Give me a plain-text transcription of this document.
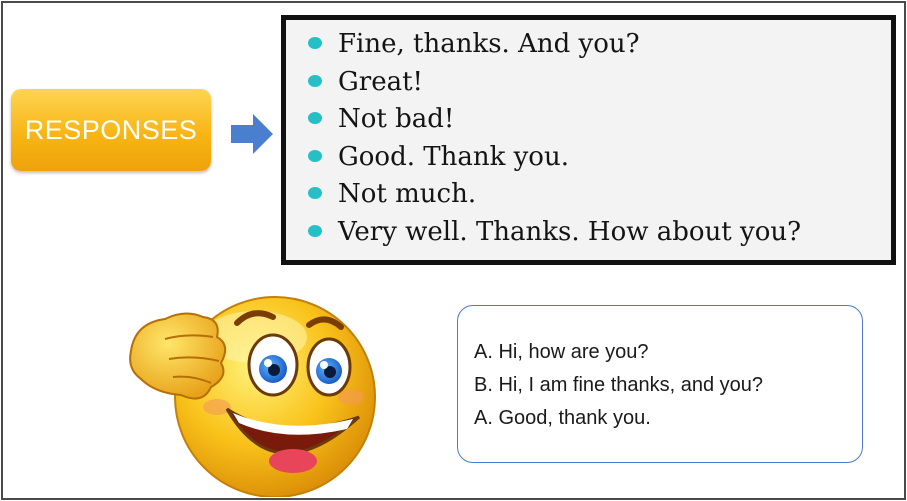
RESPONSES
Fine, thanks. And you?
Great!
Not bad!
Good. Thank you.
Not much.
Very well. Thanks. How about you?
A. Hi, how are you?
B. Hi, I am fine thanks, and you?
A. Good, thank you.
